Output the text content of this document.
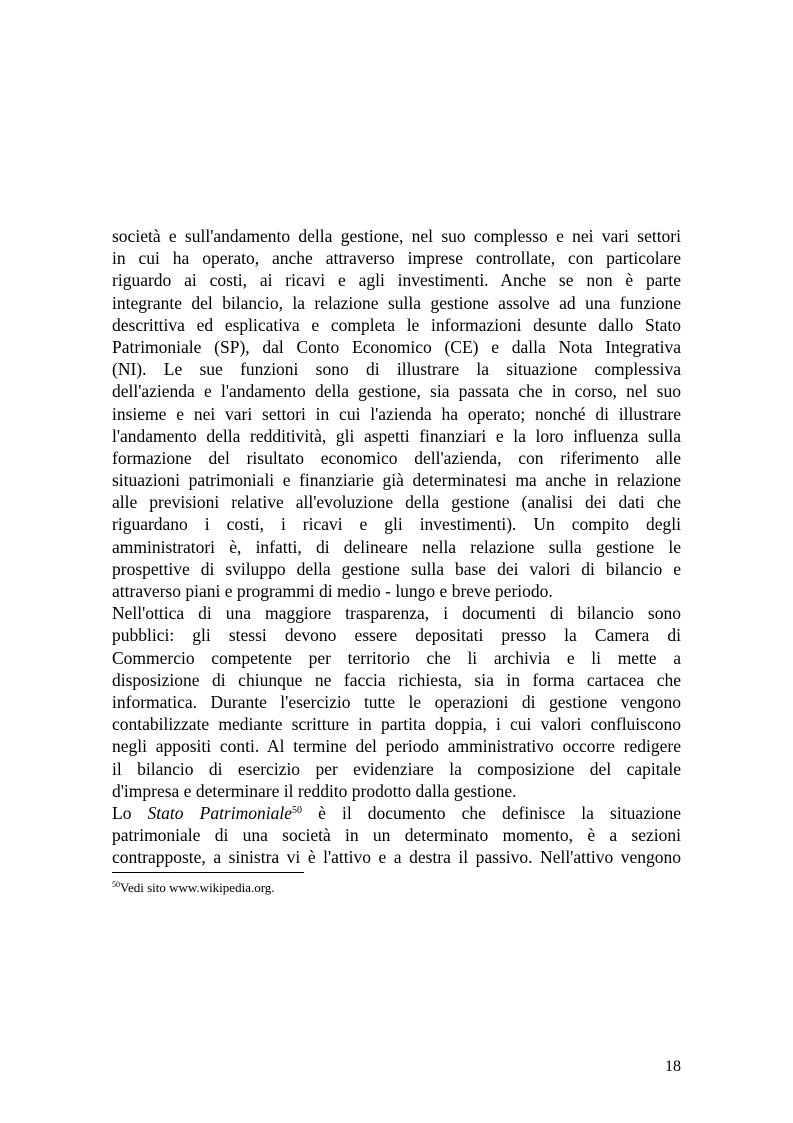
società e sull'andamento della gestione, nel suo complesso e nei vari settori
in cui ha operato, anche attraverso imprese controllate, con particolare
riguardo ai costi, ai ricavi e agli investimenti. Anche se non è parte
integrante del bilancio, la relazione sulla gestione assolve ad una funzione
descrittiva ed esplicativa e completa le informazioni desunte dallo Stato
Patrimoniale (SP), dal Conto Economico (CE) e dalla Nota Integrativa
(NI). Le sue funzioni sono di illustrare la situazione complessiva
dell'azienda e l'andamento della gestione, sia passata che in corso, nel suo
insieme e nei vari settori in cui l'azienda ha operato; nonché di illustrare
l'andamento della redditività, gli aspetti finanziari e la loro influenza sulla
formazione del risultato economico dell'azienda, con riferimento alle
situazioni patrimoniali e finanziarie già determinatesi ma anche in relazione
alle previsioni relative all'evoluzione della gestione (analisi dei dati che
riguardano i costi, i ricavi e gli investimenti). Un compito degli
amministratori è, infatti, di delineare nella relazione sulla gestione le
prospettive di sviluppo della gestione sulla base dei valori di bilancio e
attraverso piani e programmi di medio - lungo e breve periodo.
Nell'ottica di una maggiore trasparenza, i documenti di bilancio sono
pubblici: gli stessi devono essere depositati presso la Camera di
Commercio competente per territorio che li archivia e li mette a
disposizione di chiunque ne faccia richiesta, sia in forma cartacea che
informatica. Durante l'esercizio tutte le operazioni di gestione vengono
contabilizzate mediante scritture in partita doppia, i cui valori confluiscono
negli appositi conti. Al termine del periodo amministrativo occorre redigere
il bilancio di esercizio per evidenziare la composizione del capitale
d'impresa e determinare il reddito prodotto dalla gestione.
Lo Stato Patrimoniale$^{50}$ è il documento che definisce la situazione
patrimoniale di una società in un determinato momento, è a sezioni
contrapposte, a sinistra vi è l'attivo e a destra il passivo. Nell'attivo vengono
$^{50}$Vedi sito www.wikipedia.org.
18
